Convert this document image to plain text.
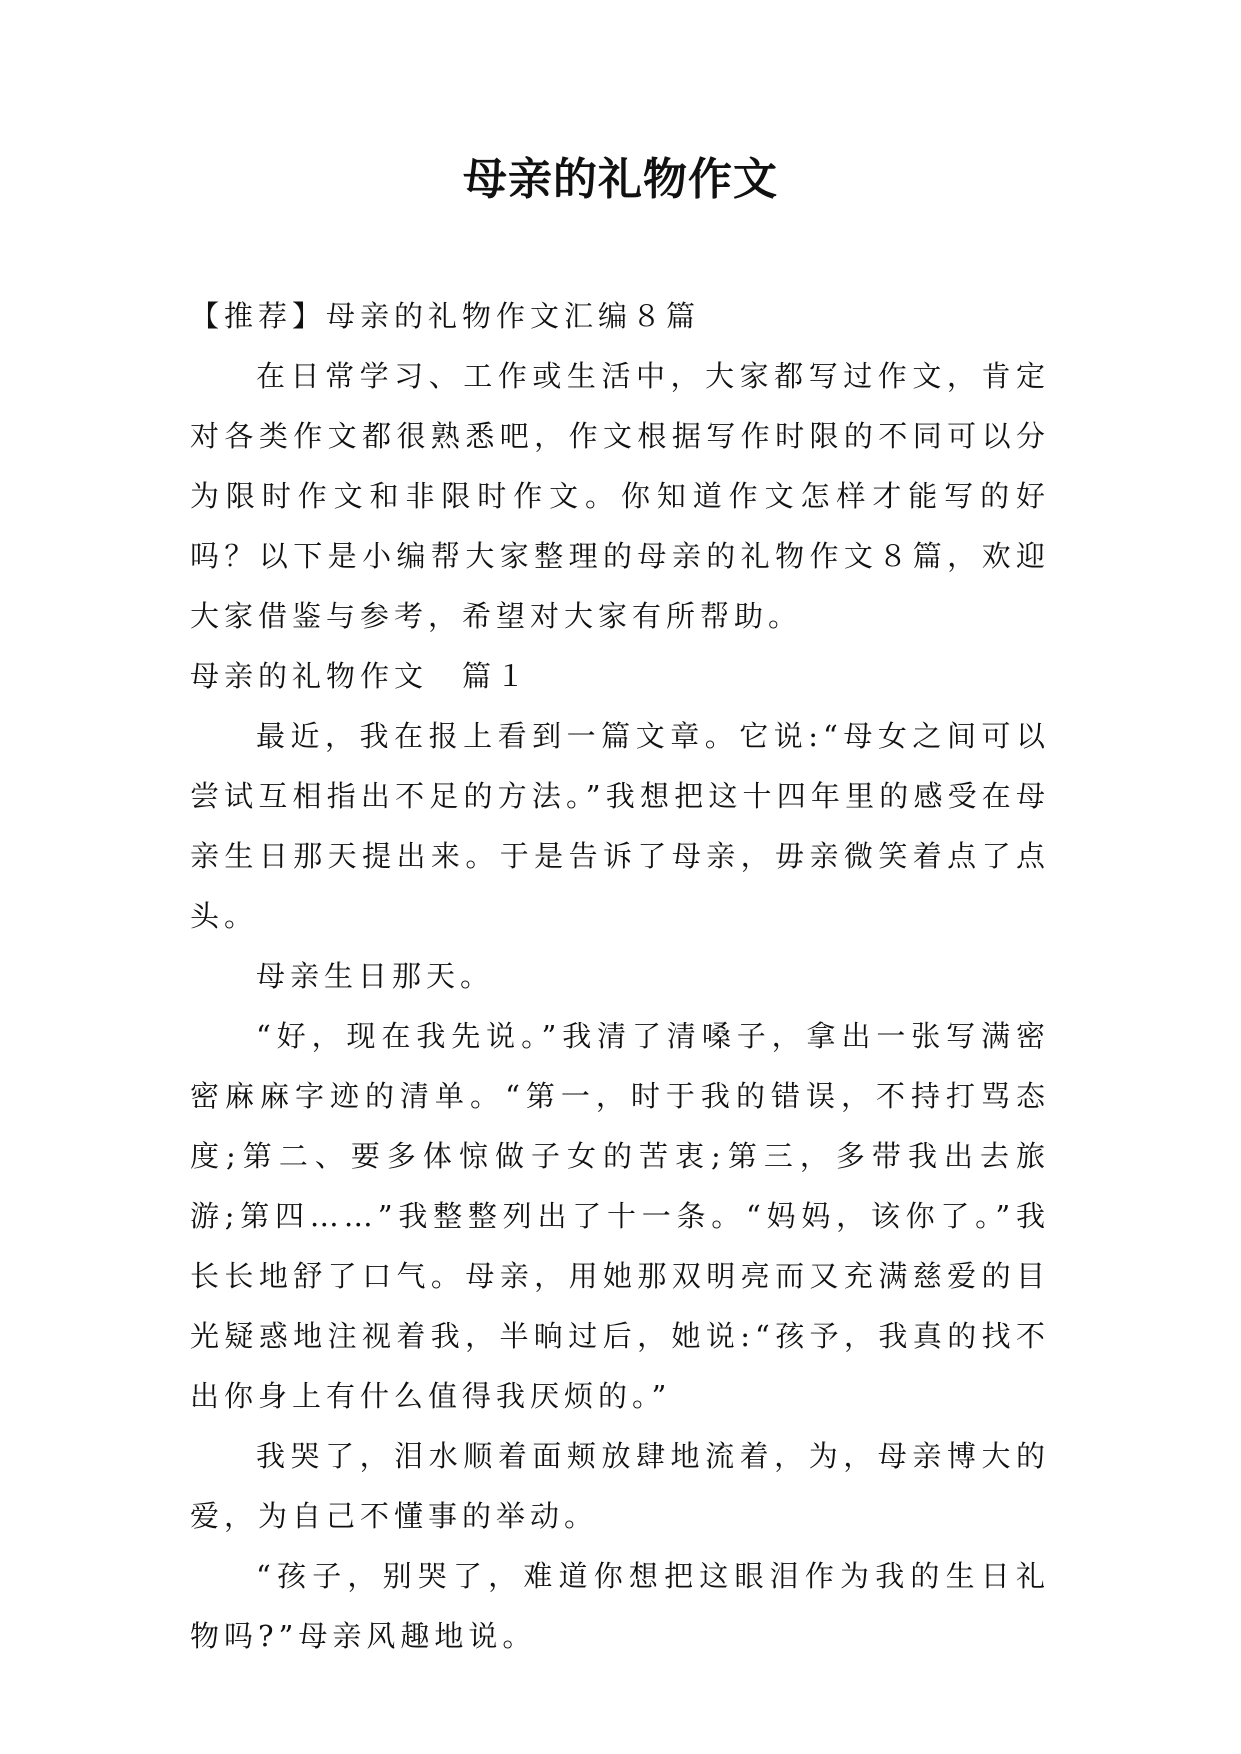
母亲的礼物作文

【推荐】母亲的礼物作文汇编８篇

在日常学习、工作或生活中，大家都写过作文，肯定对各类作文都很熟悉吧，作文根据写作时限的不同可以分为限时作文和非限时作文。你知道作文怎样才能写的好吗？以下是小编帮大家整理的母亲的礼物作文８篇，欢迎大家借鉴与参考，希望对大家有所帮助。

母亲的礼物作文　篇１

最近，我在报上看到一篇文章。它说:“母女之间可以尝试互相指出不足的方法。”我想把这十四年里的感受在母亲生日那天提出来。于是告诉了母亲，毋亲微笑着点了点头。

母亲生日那天。

“好，现在我先说。”我清了清嗓子，拿出一张写满密密麻麻字迹的清单。“第一，时于我的错误，不持打骂态度;第二、要多体惊做子女的苦衷;第三，多带我出去旅游;第四……”我整整列出了十一条。“妈妈，该你了。”我长长地舒了口气。母亲，用她那双明亮而又充满慈爱的目光疑惑地注视着我，半晌过后，她说:“孩予，我真的找不出你身上有什么值得我厌烦的。”

我哭了，泪水顺着面颊放肆地流着，为，母亲博大的爱，为自己不懂事的举动。

“孩子，别哭了，难道你想把这眼泪作为我的生日礼物吗?”母亲风趣地说。
